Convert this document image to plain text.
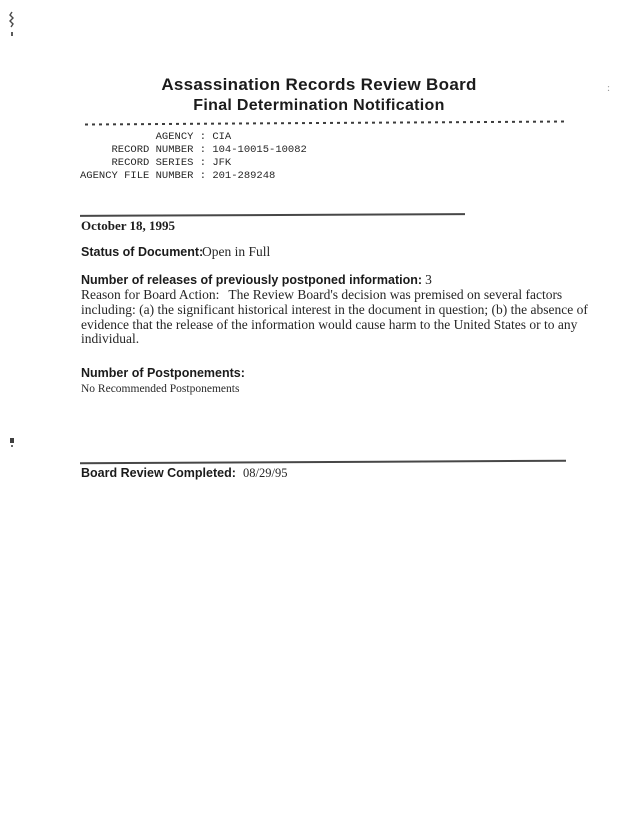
:
Assassination Records Review Board
Final Determination Notification
AGENCY : CIA
RECORD NUMBER : 104-10015-10082
RECORD SERIES : JFK
AGENCY FILE NUMBER : 201-289248
October 18, 1995
Status of Document:
Open in Full
Number of releases of previously postponed information: 3
Reason for Board Action: The Review Board's decision was premised on several factors including: (a) the significant historical interest in the document in question; (b) the absence of evidence that the release of the information would cause harm to the United States or to any individual.
Number of Postponements:
No Recommended Postponements
Board Review Completed: 08/29/95
